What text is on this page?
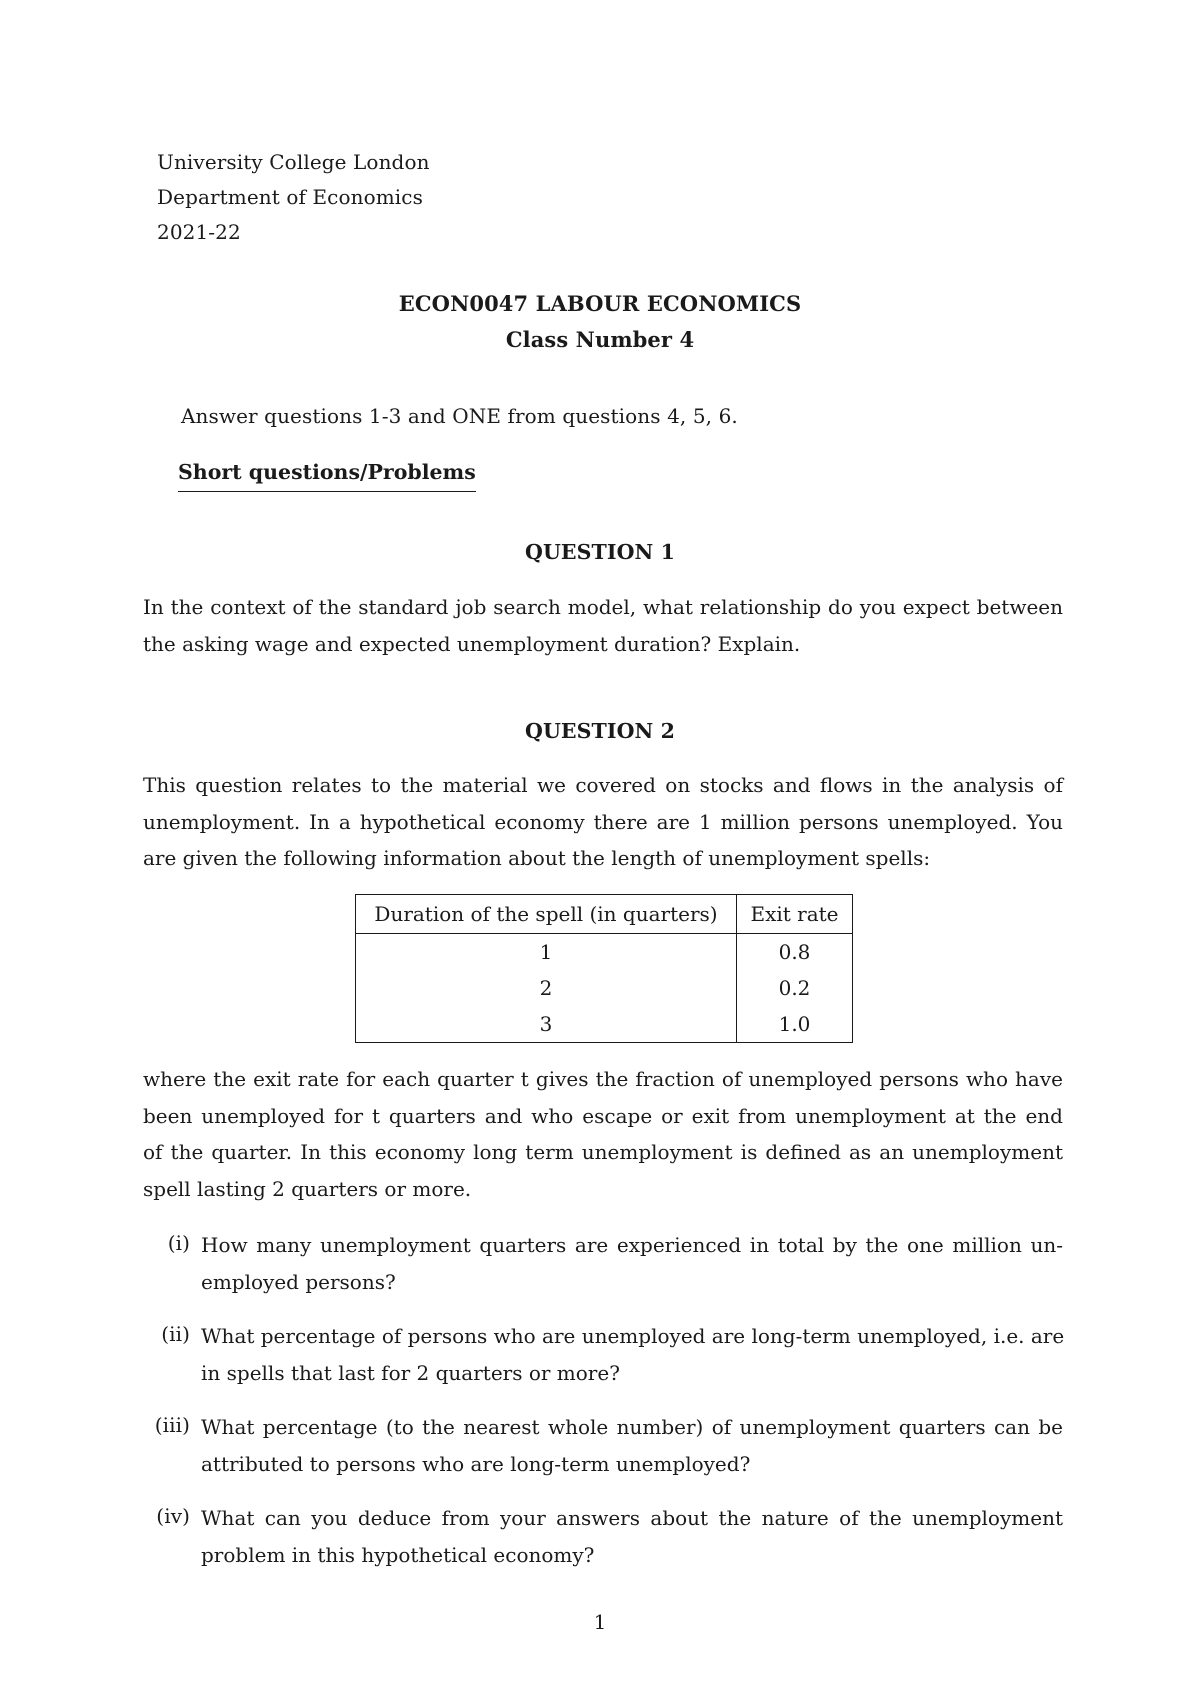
University College London
Department of Economics
2021-22
ECON0047 LABOUR ECONOMICS
Class Number 4
Answer questions 1-3 and ONE from questions 4, 5, 6.
Short questions/Problems
QUESTION 1
In the context of the standard job search model, what relationship do you expect between
the asking wage and expected unemployment duration? Explain.
QUESTION 2
This question relates to the material we covered on stocks and flows in the analysis of
unemployment. In a hypothetical economy there are 1 million persons unemployed. You
are given the following information about the length of unemployment spells:
Duration of the spell (in quarters)	Exit rate
1	0.8
2	0.2
3	1.0
where the exit rate for each quarter t gives the fraction of unemployed persons who have
been unemployed for t quarters and who escape or exit from unemployment at the end
of the quarter. In this economy long term unemployment is defined as an unemployment
spell lasting 2 quarters or more.
(i) How many unemployment quarters are experienced in total by the one million un-
employed persons?
(ii) What percentage of persons who are unemployed are long-term unemployed, i.e. are
in spells that last for 2 quarters or more?
(iii) What percentage (to the nearest whole number) of unemployment quarters can be
attributed to persons who are long-term unemployed?
(iv) What can you deduce from your answers about the nature of the unemployment
problem in this hypothetical economy?
1
